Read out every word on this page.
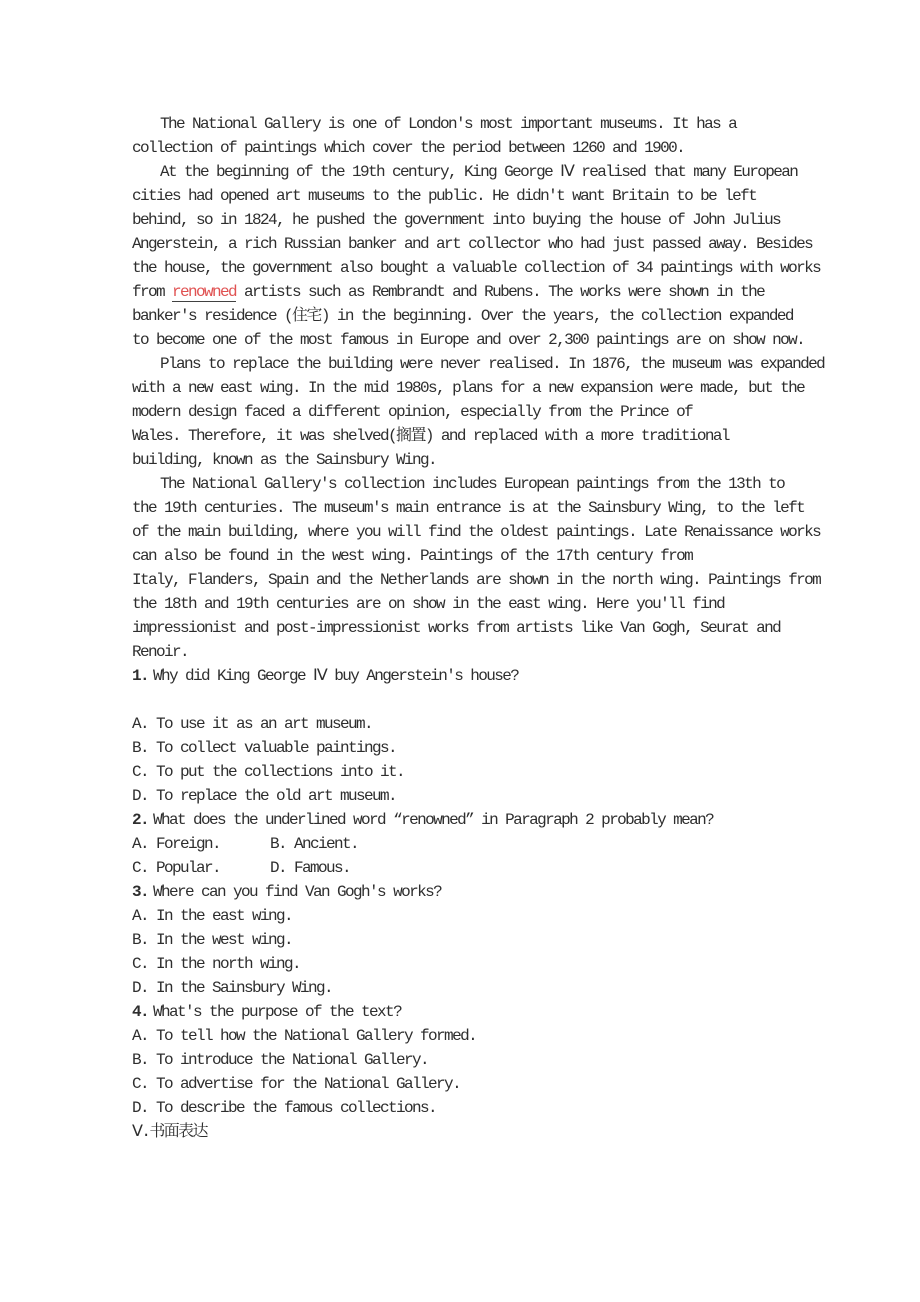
The National Gallery is one of London's most important museums. It has a
collection of paintings which cover the period between 1260 and 1900.
At the beginning of the 19th century, King George Ⅳ realised that many European
cities had opened art museums to the public. He didn't want Britain to be left
behind, so in 1824, he pushed the government into buying the house of John Julius
Angerstein, a rich Russian banker and art collector who had just passed away. Besides
the house, the government also bought a valuable collection of 34 paintings with works
from renowned artists such as Rembrandt and Rubens. The works were shown in the
banker's residence (住宅) in the beginning. Over the years, the collection expanded
to become one of the most famous in Europe and over 2,300 paintings are on show now.
Plans to replace the building were never realised. In 1876, the museum was expanded
with a new east wing. In the mid 1980s, plans for a new expansion were made, but the
modern design faced a different opinion, especially from the Prince of
Wales. Therefore, it was shelved(搁置) and replaced with a more traditional
building, known as the Sainsbury Wing.
The National Gallery's collection includes European paintings from the 13th to
the 19th centuries. The museum's main entrance is at the Sainsbury Wing, to the left
of the main building, where you will find the oldest paintings. Late Renaissance works
can also be found in the west wing. Paintings of the 17th century from
Italy, Flanders, Spain and the Netherlands are shown in the north wing. Paintings from
the 18th and 19th centuries are on show in the east wing. Here you'll find
impressionist and post-impressionist works from artists like Van Gogh, Seurat and
Renoir.
1. Why did King George Ⅳ buy Angerstein's house?
A. To use it as an art museum.
B. To collect valuable paintings.
C. To put the collections into it.
D. To replace the old art museum.
2. What does the underlined word “renowned” in Paragraph 2 probably mean?
A. Foreign.	B. Ancient.
C. Popular.	D. Famous.
3. Where can you find Van Gogh's works?
A. In the east wing.
B. In the west wing.
C. In the north wing.
D. In the Sainsbury Wing.
4. What's the purpose of the text?
A. To tell how the National Gallery formed.
B. To introduce the National Gallery.
C. To advertise for the National Gallery.
D. To describe the famous collections.
Ⅴ.书面表达
